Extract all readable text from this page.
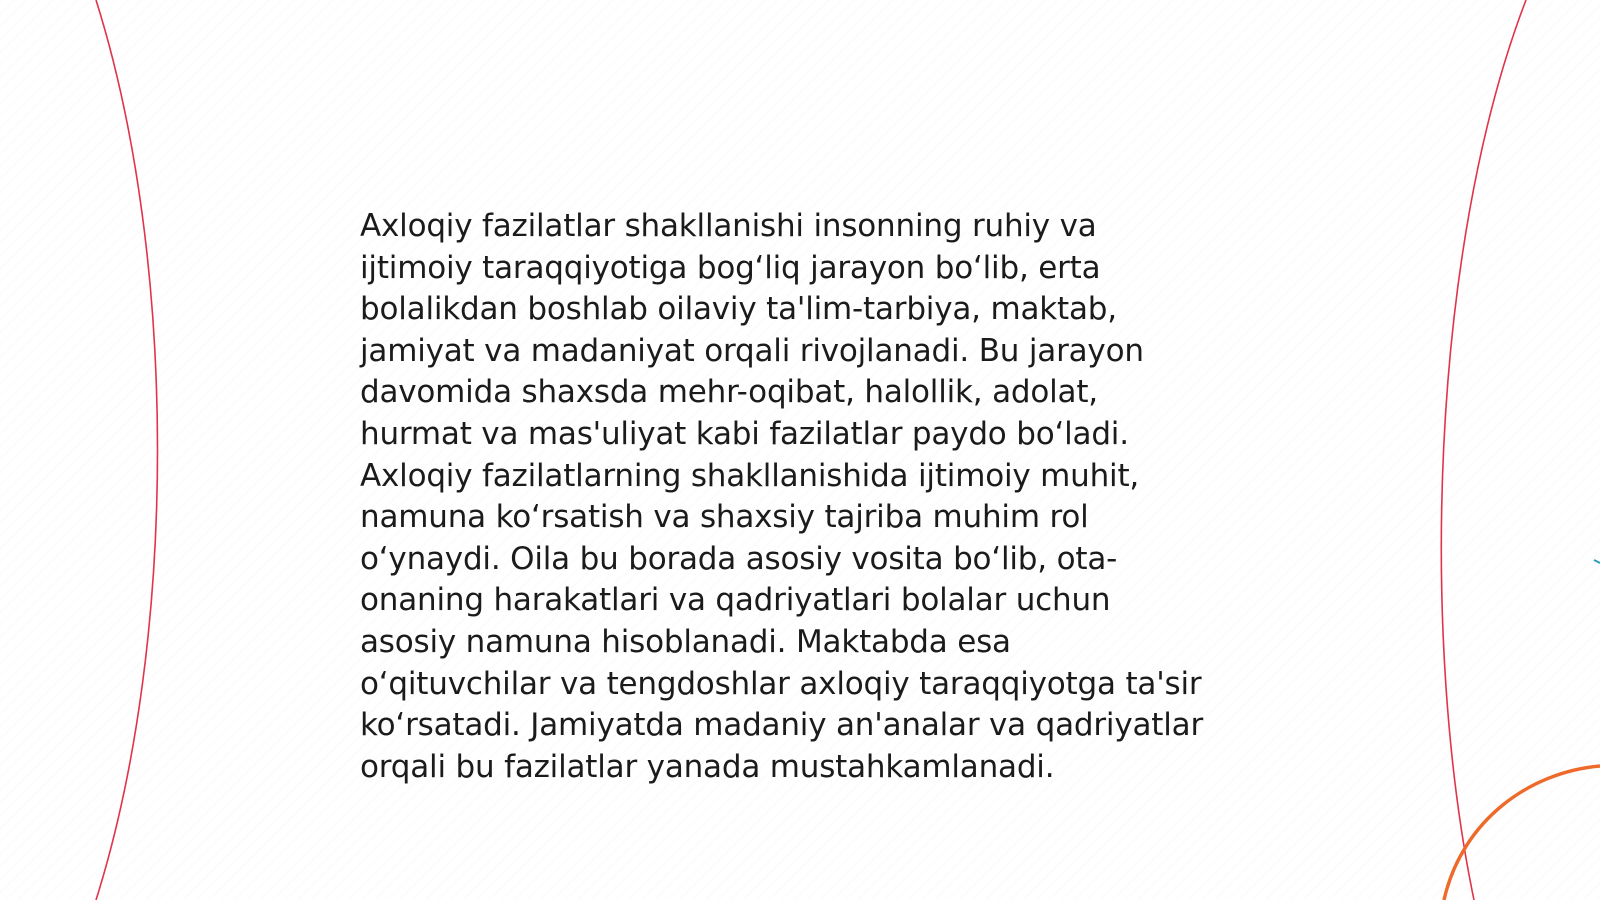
Axloqiy fazilatlar shakllanishi insonning ruhiy va
ijtimoiy taraqqiyotiga bog‘liq jarayon bo‘lib, erta
bolalikdan boshlab oilaviy ta'lim-tarbiya, maktab,
jamiyat va madaniyat orqali rivojlanadi. Bu jarayon
davomida shaxsda mehr-oqibat, halollik, adolat,
hurmat va mas'uliyat kabi fazilatlar paydo bo‘ladi.
Axloqiy fazilatlarning shakllanishida ijtimoiy muhit,
namuna ko‘rsatish va shaxsiy tajriba muhim rol
o‘ynaydi. Oila bu borada asosiy vosita bo‘lib, ota-
onaning harakatlari va qadriyatlari bolalar uchun
asosiy namuna hisoblanadi. Maktabda esa
o‘qituvchilar va tengdoshlar axloqiy taraqqiyotga ta'sir
ko‘rsatadi. Jamiyatda madaniy an'analar va qadriyatlar
orqali bu fazilatlar yanada mustahkamlanadi.
